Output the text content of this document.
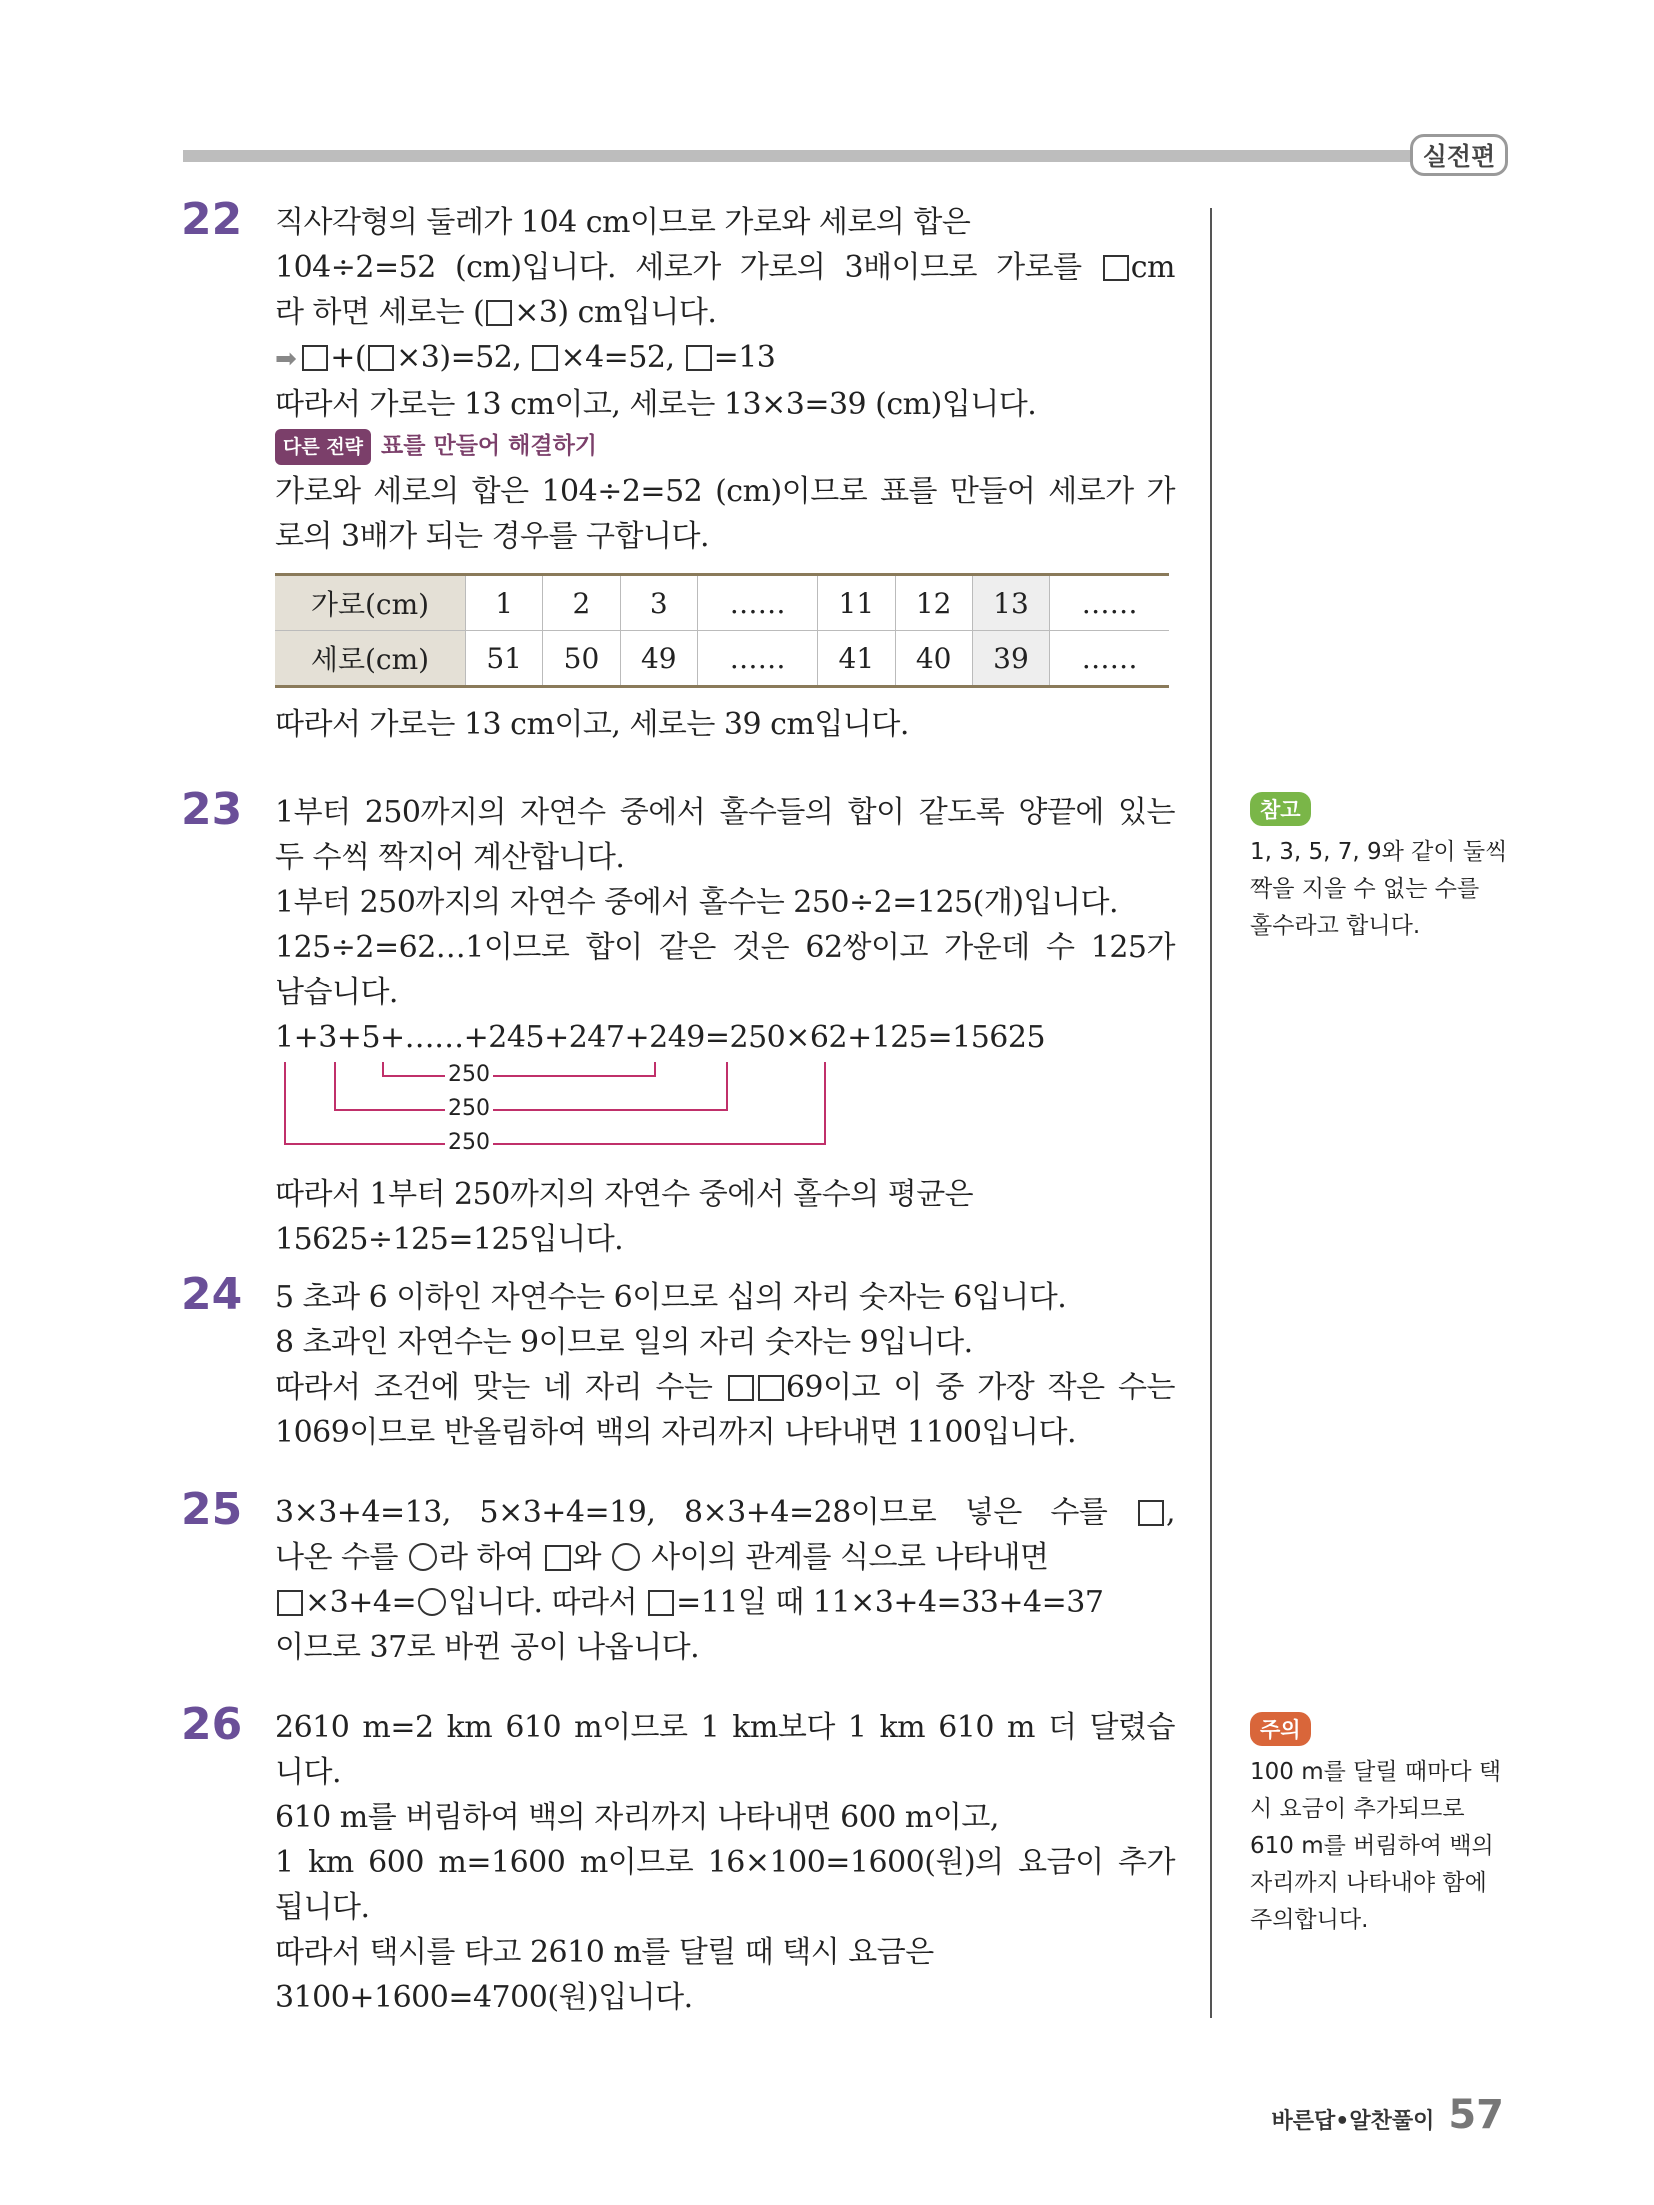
실전편
22 직사각형의 둘레가 104 cm이므로 가로와 세로의 합은
104÷2=52 (cm)입니다. 세로가 가로의 3배이므로 가로를 cm
라 하면 세로는 ( ×3) cm입니다.
➡ +( ×3)=52, ×4=52, =13
따라서 가로는 13 cm이고, 세로는 13×3=39 (cm)입니다.
다른 전략 표를 만들어 해결하기
가로와 세로의 합은 104÷2=52 (cm)이므로 표를 만들어 세로가 가
로의 3배가 되는 경우를 구합니다.
가로(cm)	1	2	3	……	11	12	13	……
세로(cm)	51	50	49	……	41	40	39	……
따라서 가로는 13 cm이고, 세로는 39 cm입니다.
23 1부터 250까지의 자연수 중에서 홀수들의 합이 같도록 양끝에 있는
두 수씩 짝지어 계산합니다.
1부터 250까지의 자연수 중에서 홀수는 250÷2=125(개)입니다.
125÷2=62…1이므로 합이 같은 것은 62쌍이고 가운데 수 125가
남습니다.
1+3+5+……+245+247+249=250×62+125=15625
250
250
250
따라서 1부터 250까지의 자연수 중에서 홀수의 평균은
15625÷125=125입니다.
24 5 초과 6 이하인 자연수는 6이므로 십의 자리 숫자는 6입니다.
8 초과인 자연수는 9이므로 일의 자리 숫자는 9입니다.
따라서 조건에 맞는 네 자리 수는 69이고 이 중 가장 작은 수는
1069이므로 반올림하여 백의 자리까지 나타내면 1100입니다.
25 3×3+4=13, 5×3+4=19, 8×3+4=28이므로 넣은 수를 ,
나온 수를 라 하여 와  사이의 관계를 식으로 나타내면
×3+4= 입니다. 따라서 =11일 때 11×3+4=33+4=37
이므로 37로 바뀐 공이 나옵니다.
26 2610 m=2 km 610 m이므로 1 km보다 1 km 610 m 더 달렸습
니다.
610 m를 버림하여 백의 자리까지 나타내면 600 m이고,
1 km 600 m=1600 m이므로 16×100=1600(원)의 요금이 추가
됩니다.
따라서 택시를 타고 2610 m를 달릴 때 택시 요금은
3100+1600=4700(원)입니다.
참고
1, 3, 5, 7, 9와 같이 둘씩
짝을 지을 수 없는 수를
홀수라고 합니다.
주의
100 m를 달릴 때마다 택
시 요금이 추가되므로
610 m를 버림하여 백의
자리까지 나타내야 함에
주의합니다.
바른답•알찬풀이 57
